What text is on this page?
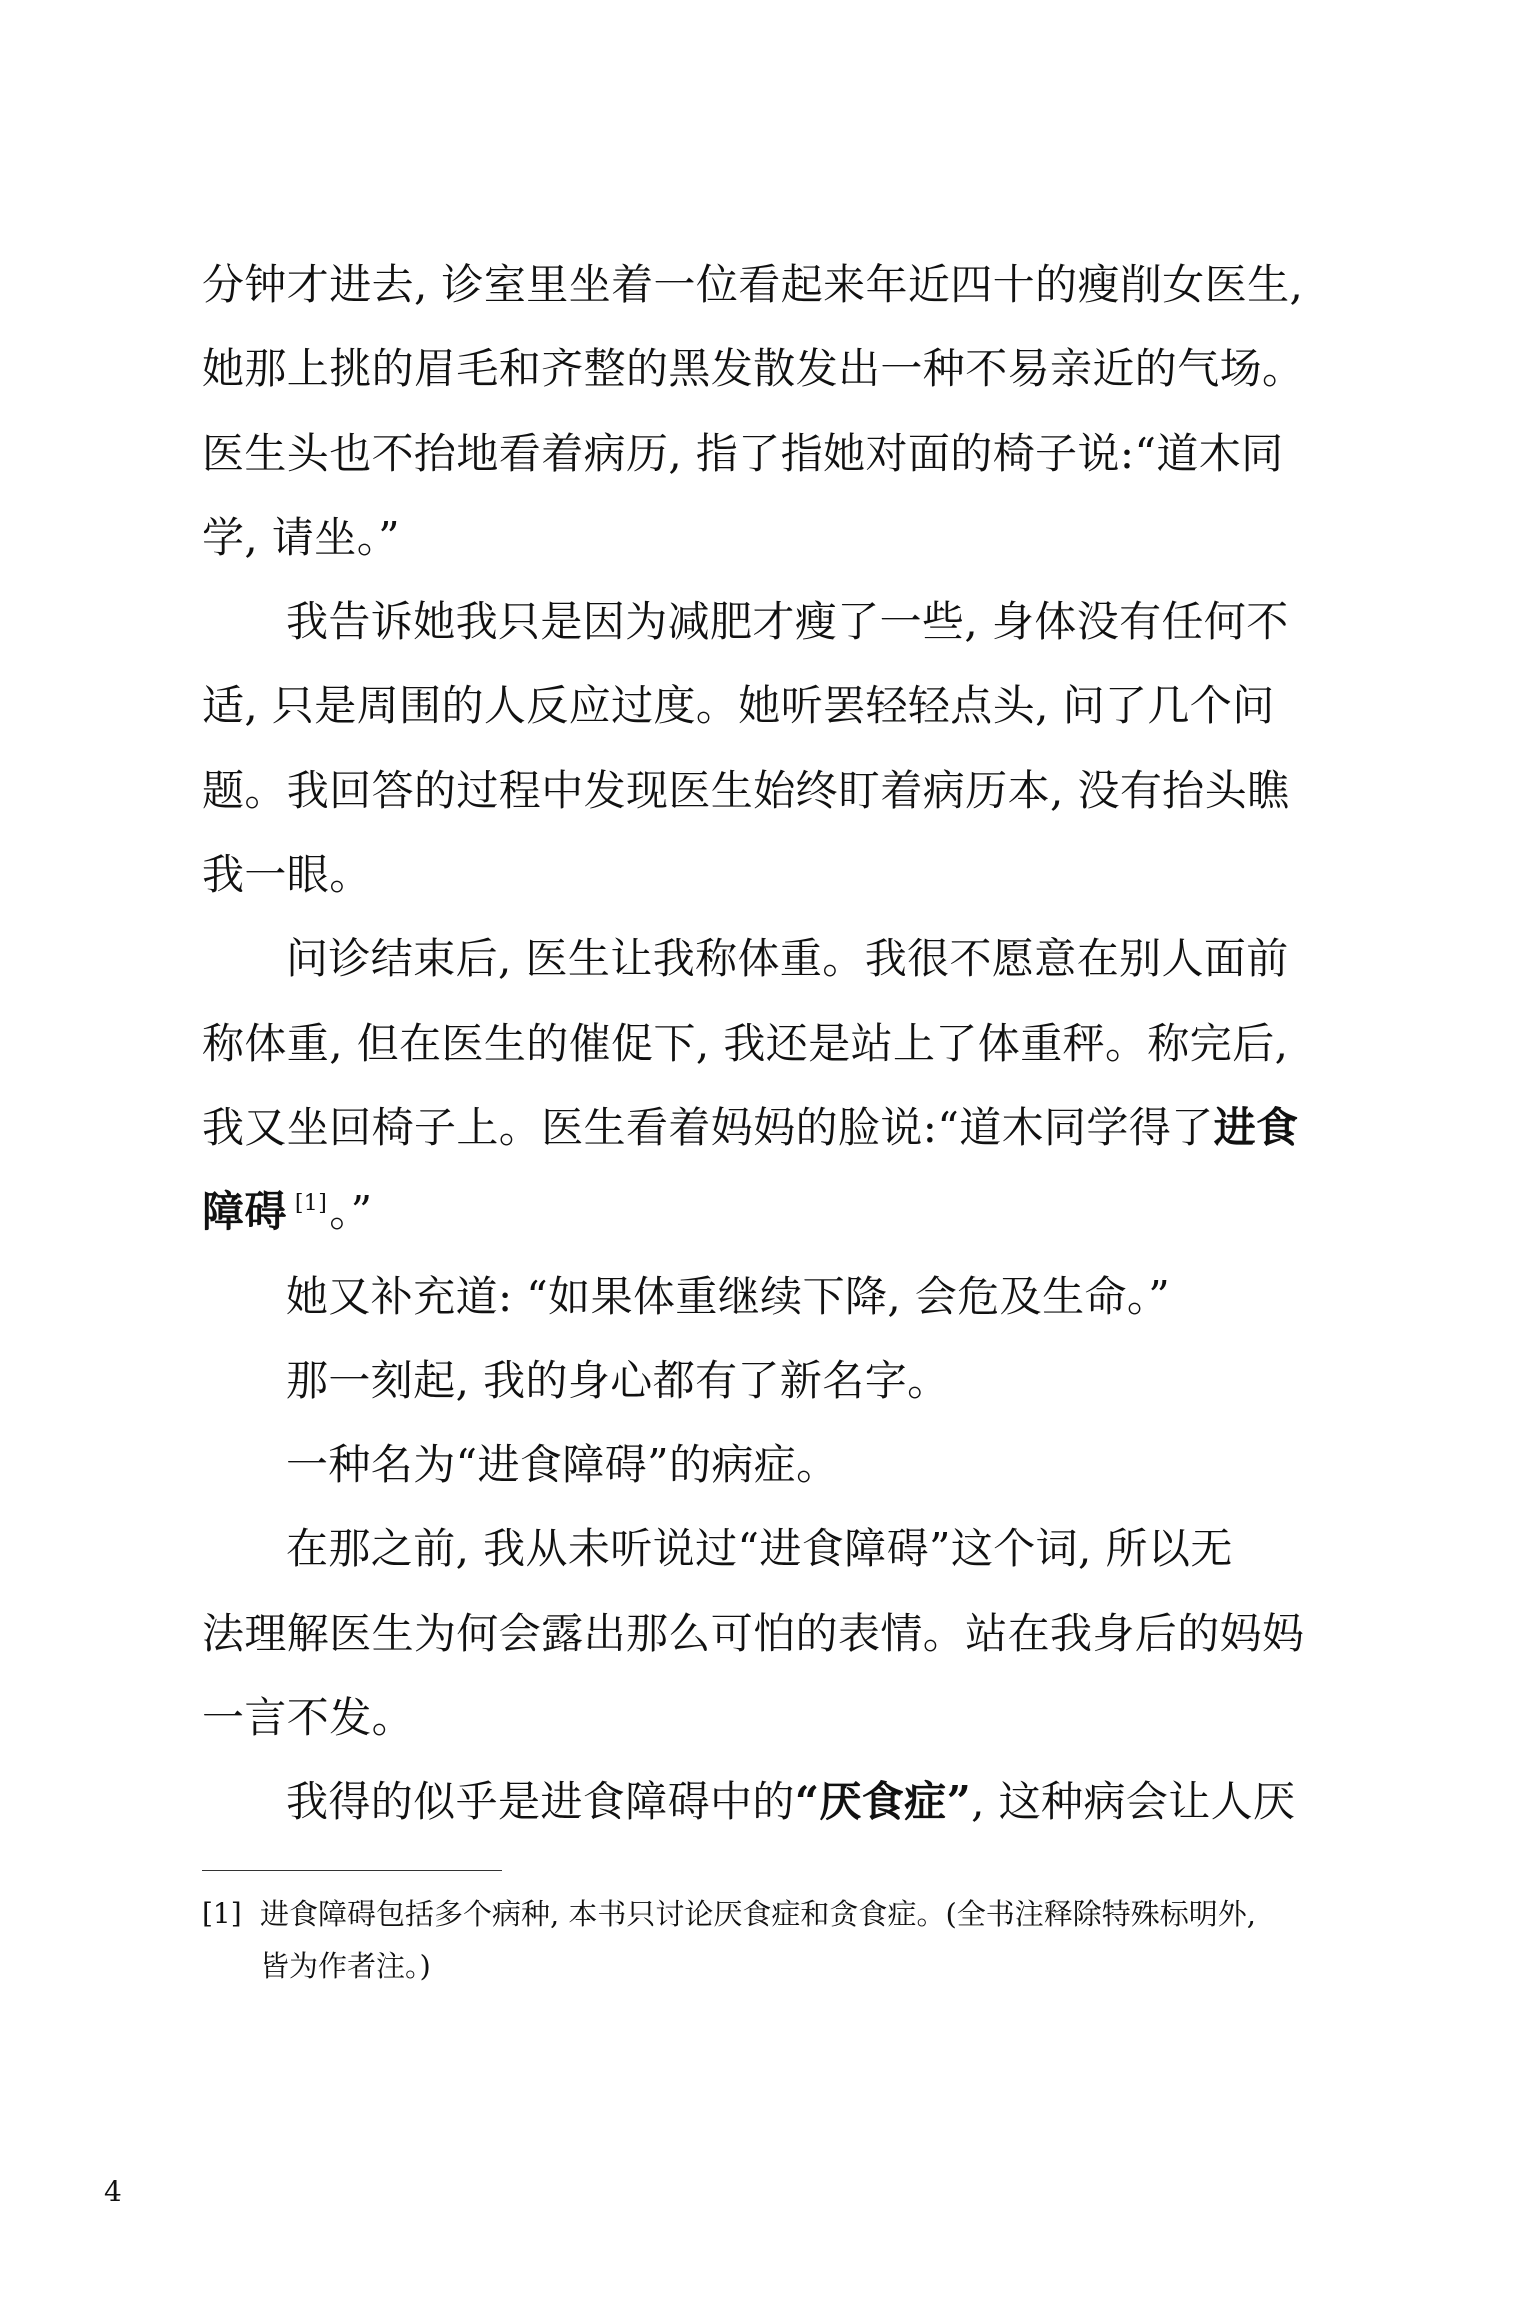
分钟才进去, 诊室里坐着一位看起来年近四十的瘦削女医生,
她那上挑的眉毛和齐整的黑发散发出一种不易亲近的气场。
医生头也不抬地看着病历, 指了指她对面的椅子说:“道木同
学, 请坐。”
我告诉她我只是因为减肥才瘦了一些, 身体没有任何不
适, 只是周围的人反应过度。她听罢轻轻点头, 问了几个问
题。我回答的过程中发现医生始终盯着病历本, 没有抬头瞧
我一眼。
问诊结束后, 医生让我称体重。我很不愿意在别人面前
称体重, 但在医生的催促下, 我还是站上了体重秤。称完后,
我又坐回椅子上。医生看着妈妈的脸说:“道木同学得了进食
障碍 [1]。”
她又补充道: “如果体重继续下降, 会危及生命。”
那一刻起, 我的身心都有了新名字。
一种名为“进食障碍”的病症。
在那之前, 我从未听说过“进食障碍”这个词, 所以无
法理解医生为何会露出那么可怕的表情。站在我身后的妈妈
一言不发。
我得的似乎是进食障碍中的“厌食症”, 这种病会让人厌
[1] 进食障碍包括多个病种, 本书只讨论厌食症和贪食症。(全书注释除特殊标明外,
皆为作者注。)
4
